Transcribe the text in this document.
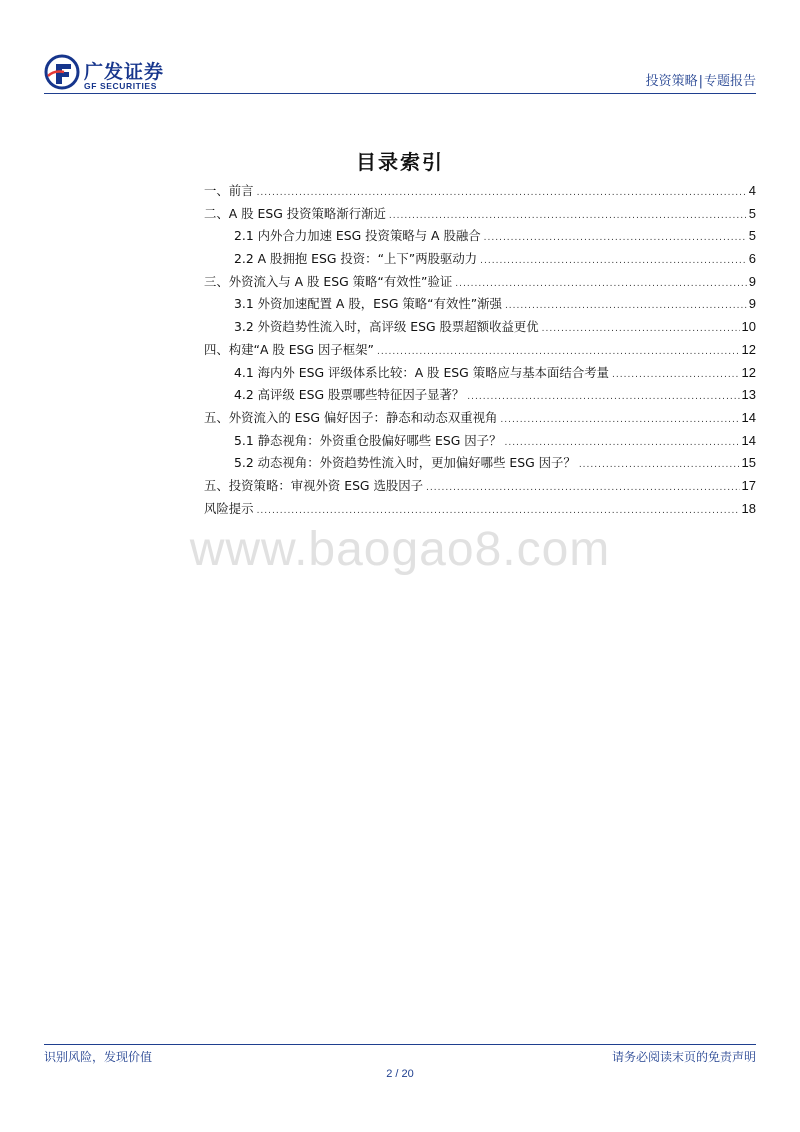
广发证券
GF SECURITIES	投资策略|专题报告
目录索引
一、前言 .....	4
二、A 股 ESG 投资策略渐行渐近 .....	5
2.1 内外合力加速 ESG 投资策略与 A 股融合 .....	5
2.2 A 股拥抱 ESG 投资：“上下”两股驱动力 .....	6
三、外资流入与 A 股 ESG 策略“有效性”验证 .....	9
3.1 外资加速配置 A 股，ESG 策略“有效性”渐强 .....	9
3.2 外资趋势性流入时，高评级 ESG 股票超额收益更优 .....	10
四、构建“A 股 ESG 因子框架” .....	12
4.1 海内外 ESG 评级体系比较：A 股 ESG 策略应与基本面结合考量 .....	12
4.2 高评级 ESG 股票哪些特征因子显著？ .....	13
五、外资流入的 ESG 偏好因子：静态和动态双重视角 .....	14
5.1 静态视角：外资重仓股偏好哪些 ESG 因子？ .....	14
5.2 动态视角：外资趋势性流入时，更加偏好哪些 ESG 因子？ .....	15
五、投资策略：审视外资 ESG 选股因子 .....	17
风险提示 .....	18
www.baogao8.com
识别风险，发现价值	请务必阅读末页的免责声明
2 / 20
